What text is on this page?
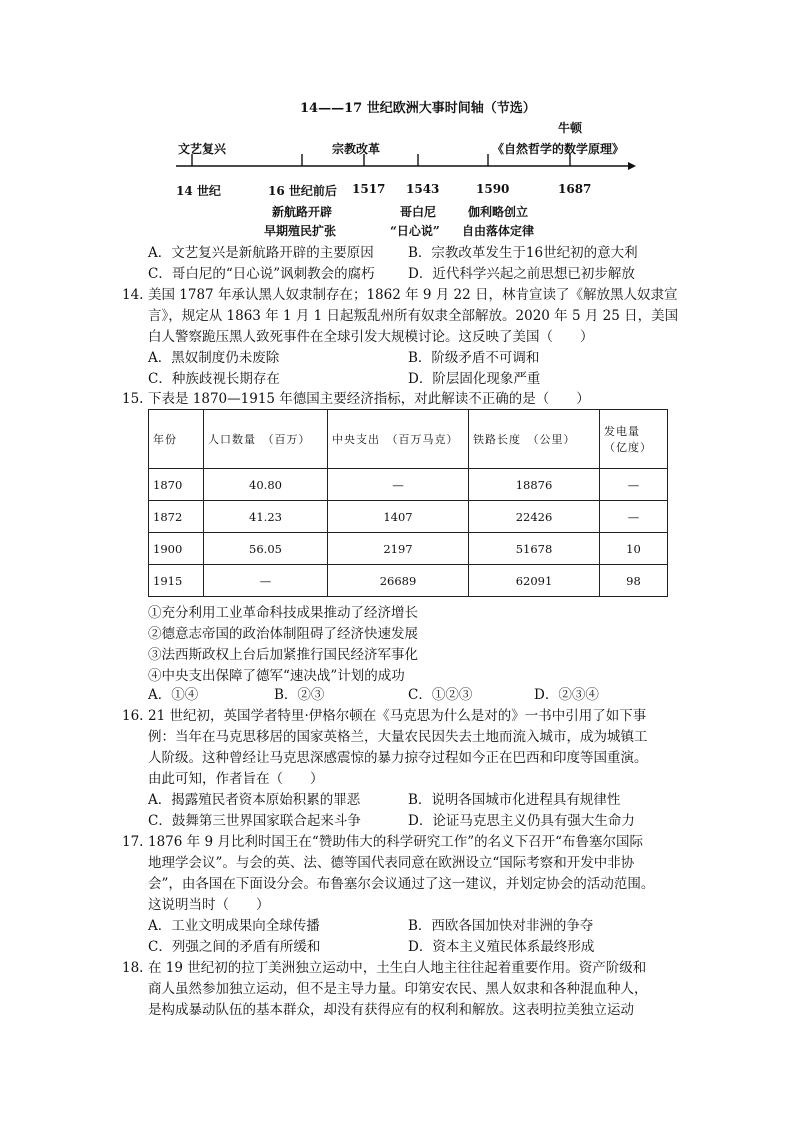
14——17 世纪欧洲大事时间轴（节选）
文艺复兴	宗教改革
牛顿
《自然哲学的数学原理》
14 世纪	16 世纪前后 1517 1543	1590	1687
新航路开辟
早期殖民扩张
哥白尼
“日心说”
伽利略创立
自由落体定律
A．文艺复兴是新航路开辟的主要原因	B．宗教改革发生于16世纪初的意大利
C．哥白尼的“日心说”讽刺教会的腐朽 D．近代科学兴起之前思想已初步解放
14. 美国 1787 年承认黑人奴隶制存在；1862 年 9 月 22 日，林肯宣读了《解放黑人奴隶宣
言》，规定从 1863 年 1 月 1 日起叛乱州所有奴隶全部解放。2020 年 5 月 25 日，美国
白人警察跪压黑人致死事件在全球引发大规模讨论。这反映了美国（　　）
A．黑奴制度仍未废除	B．阶级矛盾不可调和
C．种族歧视长期存在	D．阶层固化现象严重
15. 下表是 1870—1915 年德国主要经济指标，对此解读不正确的是（　　）
年份	人口数量　（百万）	中央支出　（百万马克）	铁路长度　（公里）	发电量　（亿度）
1870	40.80	—	18876	—
1872	41.23	1407	22426	—
1900	56.05	2197	51678	10
1915	—	26689	62091	98
①充分利用工业革命科技成果推动了经济增长
②德意志帝国的政治体制阻碍了经济快速发展
③法西斯政权上台后加紧推行国民经济军事化
④中央支出保障了德军“速决战”计划的成功
A．①④	B．②③	C．①②③	D．②③④
16. 21 世纪初，英国学者特里·伊格尔顿在《马克思为什么是对的》一书中引用了如下事
例：当年在马克思移居的国家英格兰，大量农民因失去土地而流入城市，成为城镇工
人阶级。这种曾经让马克思深感震惊的暴力掠夺过程如今正在巴西和印度等国重演。
由此可知，作者旨在（　　）
A．揭露殖民者资本原始积累的罪恶	B．说明各国城市化进程具有规律性
C．鼓舞第三世界国家联合起来斗争	D．论证马克思主义仍具有强大生命力
17. 1876 年 9 月比利时国王在“赞助伟大的科学研究工作”的名义下召开“布鲁塞尔国际
地理学会议”。与会的英、法、德等国代表同意在欧洲设立“国际考察和开发中非协
会”，由各国在下面设分会。布鲁塞尔会议通过了这一建议，并划定协会的活动范围。
这说明当时（　　）
A．工业文明成果向全球传播	B．西欧各国加快对非洲的争夺
C．列强之间的矛盾有所缓和	D．资本主义殖民体系最终形成
18. 在 19 世纪初的拉丁美洲独立运动中，土生白人地主往往起着重要作用。资产阶级和
商人虽然参加独立运动，但不是主导力量。印第安农民、黑人奴隶和各种混血种人，
是构成暴动队伍的基本群众，却没有获得应有的权利和解放。这表明拉美独立运动
